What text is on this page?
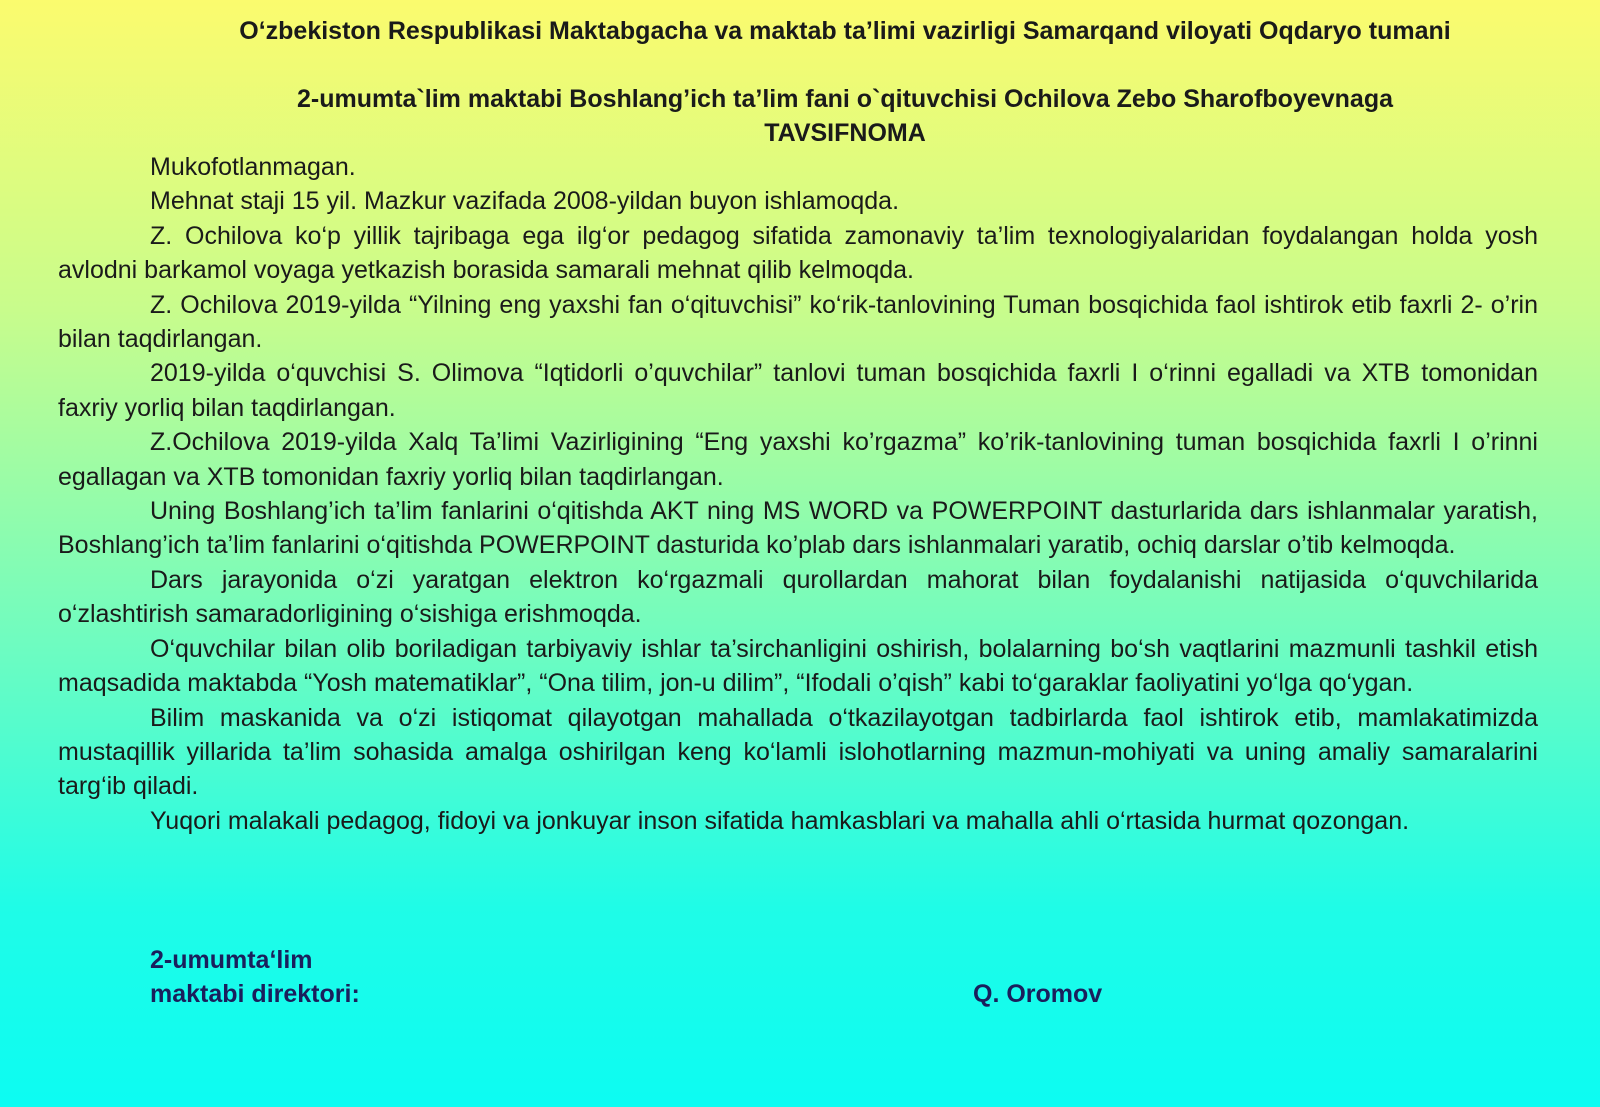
O‘zbekiston Respublikasi Maktabgacha va maktab ta’limi vazirligi Samarqand viloyati Oqdaryo tumani
2-umumta`lim maktabi Boshlang’ich ta’lim fani o`qituvchisi Ochilova Zebo Sharofboyevnaga
TAVSIFNOMA

Mukofotlanmagan.

Mehnat staji 15 yil. Mazkur vazifada 2008-yildan buyon ishlamoqda.

Z. Ochilova ko‘p yillik tajribaga ega ilg‘or pedagog sifatida zamonaviy ta’lim texnologiyalaridan foydalangan holda yosh avlodni barkamol voyaga yetkazish borasida samarali mehnat qilib kelmoqda.

Z. Ochilova 2019-yilda “Yilning eng yaxshi fan o‘qituvchisi” ko‘rik-tanlovining Tuman bosqichida faol ishtirok etib faxrli 2- o’rin bilan taqdirlangan.

2019-yilda o‘quvchisi S. Olimova “Iqtidorli o’quvchilar” tanlovi tuman bosqichida faxrli I o‘rinni egalladi va XTB tomonidan faxriy yorliq bilan taqdirlangan.

Z.Ochilova 2019-yilda Xalq Ta’limi Vazirligining “Eng yaxshi ko’rgazma” ko’rik-tanlovining tuman bosqichida faxrli I o’rinni egallagan va XTB tomonidan faxriy yorliq bilan taqdirlangan.

Uning Boshlang’ich ta’lim fanlarini o‘qitishda AKT ning MS WORD va POWERPOINT dasturlarida dars ishlanmalar yaratish, Boshlang’ich ta’lim fanlarini o‘qitishda POWERPOINT dasturida ko’plab dars ishlanmalari yaratib, ochiq darslar o’tib kelmoqda.

Dars jarayonida o‘zi yaratgan elektron ko‘rgazmali qurollardan mahorat bilan foydalanishi natijasida o‘quvchilarida o‘zlashtirish samaradorligining o‘sishiga erishmoqda.

O‘quvchilar bilan olib boriladigan tarbiyaviy ishlar ta’sirchanligini oshirish, bolalarning bo‘sh vaqtlarini mazmunli tashkil etish maqsadida maktabda “Yosh matematiklar”, “Ona tilim, jon-u dilim”, “Ifodali o’qish” kabi to‘garaklar faoliyatini yo‘lga qo‘ygan.

Bilim maskanida va o‘zi istiqomat qilayotgan mahallada o‘tkazilayotgan tadbirlarda faol ishtirok etib, mamlakatimizda mustaqillik yillarida ta’lim sohasida amalga oshirilgan keng ko‘lamli islohotlarning mazmun-mohiyati va uning amaliy samaralarini targ‘ib qiladi.

Yuqori malakali pedagog, fidoyi va jonkuyar inson sifatida hamkasblari va mahalla ahli o‘rtasida hurmat qozongan.

2-umumta‘lim
maktabi direktori:	Q. Oromov
